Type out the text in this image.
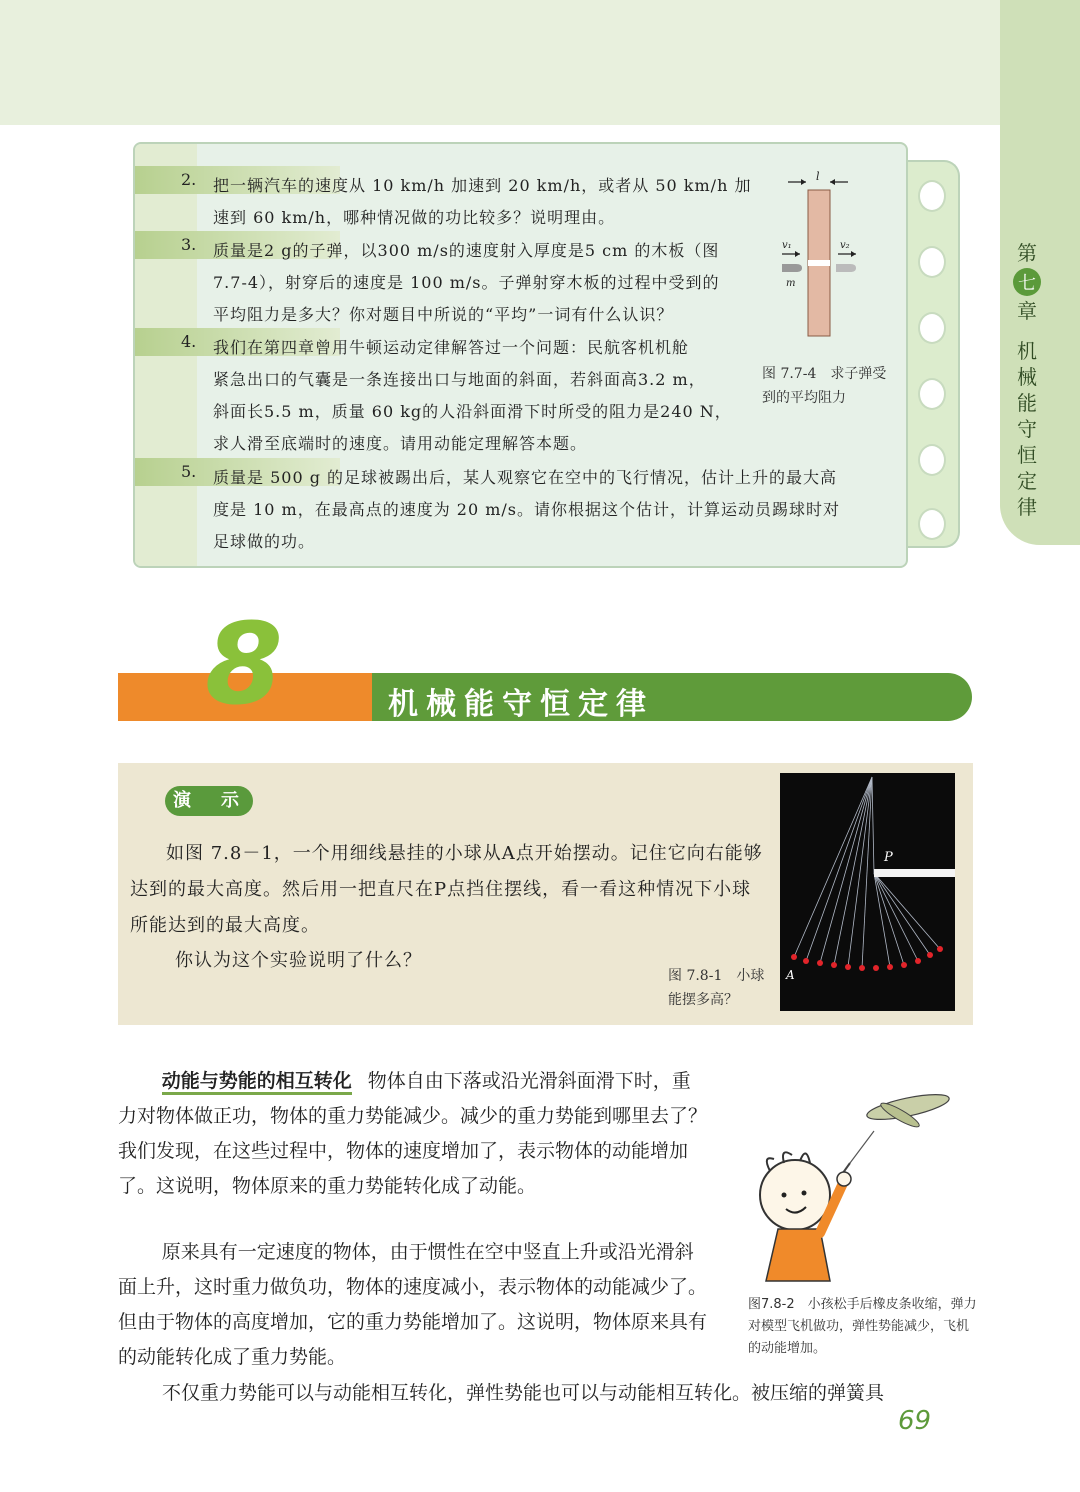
第
七
章
机
械
能
守
恒
定
律
2. 把一辆汽车的速度从 10 km/h 加速到 20 km/h，或者从 50 km/h 加
速到 60 km/h，哪种情况做的功比较多？说明理由。
3. 质量是2 g的子弹，以300 m/s的速度射入厚度是5 cm 的木板（图
7.7-4），射穿后的速度是 100 m/s。子弹射穿木板的过程中受到的
平均阻力是多大？你对题目中所说的“平均”一词有什么认识？
4. 我们在第四章曾用牛顿运动定律解答过一个问题：民航客机机舱
紧急出口的气囊是一条连接出口与地面的斜面，若斜面高3.2 m，
斜面长5.5 m，质量 60 kg的人沿斜面滑下时所受的阻力是240 N，
求人滑至底端时的速度。请用动能定理解答本题。
5. 质量是 500 g 的足球被踢出后，某人观察它在空中的飞行情况，估计上升的最大高
度是 10 m，在最高点的速度为 20 m/s。请你根据这个估计，计算运动员踢球时对
足球做的功。
l
v₁	v₂
m
图 7.7-4　求子弹受到的平均阻力
8	机械能守恒定律
演　示

如图 7.8－1，一个用细线悬挂的小球从A点开始摆动。记住它向右能够达到的最大高度。然后用一把直尺在P点挡住摆线，看一看这种情况下小球所能达到的最大高度。

你认为这个实验说明了什么？
图 7.8-1　小球能摆多高？
P
A
动能与势能的相互转化 物体自由下落或沿光滑斜面滑下时，重力对物体做正功，物体的重力势能减少。减少的重力势能到哪里去了？我们发现，在这些过程中，物体的速度增加了，表示物体的动能增加了。这说明，物体原来的重力势能转化成了动能。
原来具有一定速度的物体，由于惯性在空中竖直上升或沿光滑斜面上升，这时重力做负功，物体的速度减小，表示物体的动能减少了。但由于物体的高度增加，它的重力势能增加了。这说明，物体原来具有的动能转化成了重力势能。
不仅重力势能可以与动能相互转化，弹性势能也可以与动能相互转化。被压缩的弹簧具
图7.8-2　小孩松手后橡皮条收缩，弹力对模型飞机做功，弹性势能减少，飞机的动能增加。
69
